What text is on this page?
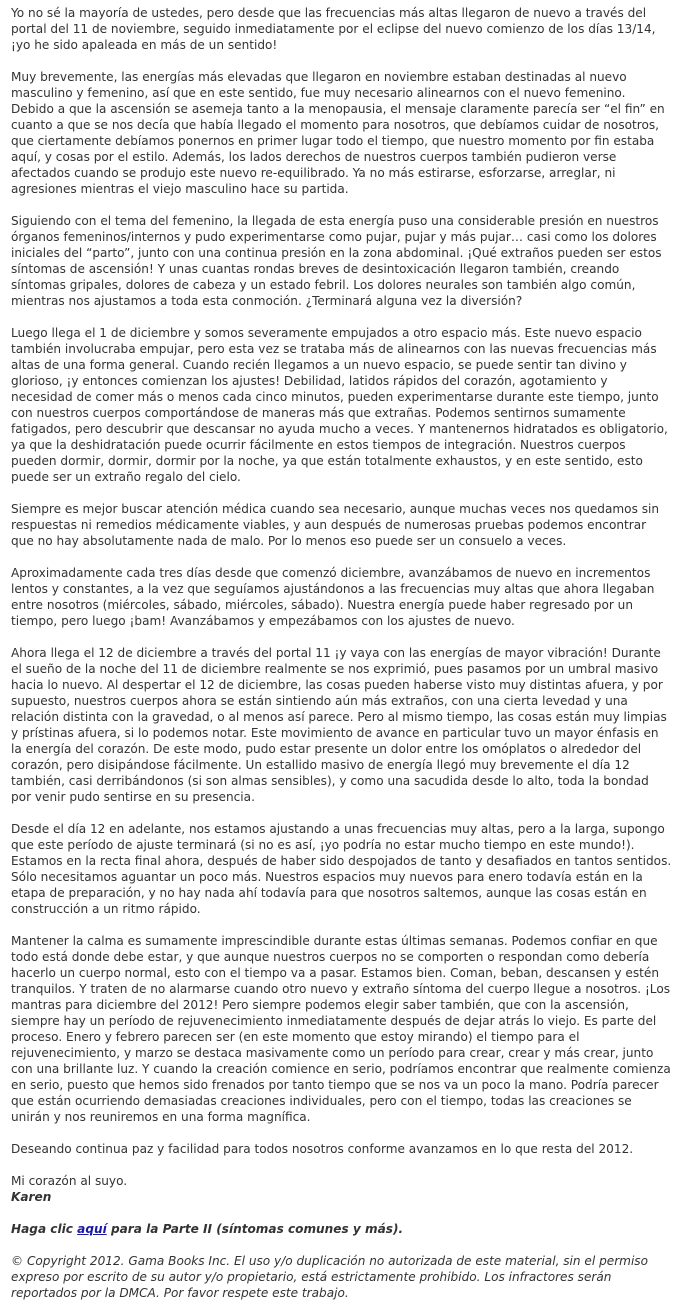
Yo no sé la mayoría de ustedes, pero desde que las frecuencias más altas llegaron de nuevo a través del portal del 11 de noviembre, seguido inmediatamente por el eclipse del nuevo comienzo de los días 13/14, ¡yo he sido apaleada en más de un sentido!

Muy brevemente, las energías más elevadas que llegaron en noviembre estaban destinadas al nuevo masculino y femenino, así que en este sentido, fue muy necesario alinearnos con el nuevo femenino. Debido a que la ascensión se asemeja tanto a la menopausia, el mensaje claramente parecía ser “el fin” en cuanto a que se nos decía que había llegado el momento para nosotros, que debíamos cuidar de nosotros, que ciertamente debíamos ponernos en primer lugar todo el tiempo, que nuestro momento por fin estaba aquí, y cosas por el estilo. Además, los lados derechos de nuestros cuerpos también pudieron verse afectados cuando se produjo este nuevo re-equilibrado. Ya no más estirarse, esforzarse, arreglar, ni agresiones mientras el viejo masculino hace su partida.

Siguiendo con el tema del femenino, la llegada de esta energía puso una considerable presión en nuestros órganos femeninos/internos y pudo experimentarse como pujar, pujar y más pujar… casi como los dolores iniciales del “parto”, junto con una continua presión en la zona abdominal. ¡Qué extraños pueden ser estos síntomas de ascensión! Y unas cuantas rondas breves de desintoxicación llegaron también, creando síntomas gripales, dolores de cabeza y un estado febril. Los dolores neurales son también algo común, mientras nos ajustamos a toda esta conmoción. ¿Terminará alguna vez la diversión?

Luego llega el 1 de diciembre y somos severamente empujados a otro espacio más. Este nuevo espacio también involucraba empujar, pero esta vez se trataba más de alinearnos con las nuevas frecuencias más altas de una forma general. Cuando recién llegamos a un nuevo espacio, se puede sentir tan divino y glorioso, ¡y entonces comienzan los ajustes! Debilidad, latidos rápidos del corazón, agotamiento y necesidad de comer más o menos cada cinco minutos, pueden experimentarse durante este tiempo, junto con nuestros cuerpos comportándose de maneras más que extrañas. Podemos sentirnos sumamente fatigados, pero descubrir que descansar no ayuda mucho a veces. Y mantenernos hidratados es obligatorio, ya que la deshidratación puede ocurrir fácilmente en estos tiempos de integración. Nuestros cuerpos pueden dormir, dormir, dormir por la noche, ya que están totalmente exhaustos, y en este sentido, esto puede ser un extraño regalo del cielo.

Siempre es mejor buscar atención médica cuando sea necesario, aunque muchas veces nos quedamos sin respuestas ni remedios médicamente viables, y aun después de numerosas pruebas podemos encontrar que no hay absolutamente nada de malo. Por lo menos eso puede ser un consuelo a veces.

Aproximadamente cada tres días desde que comenzó diciembre, avanzábamos de nuevo en incrementos lentos y constantes, a la vez que seguíamos ajustándonos a las frecuencias muy altas que ahora llegaban entre nosotros (miércoles, sábado, miércoles, sábado). Nuestra energía puede haber regresado por un tiempo, pero luego ¡bam! Avanzábamos y empezábamos con los ajustes de nuevo.

Ahora llega el 12 de diciembre a través del portal 11 ¡y vaya con las energías de mayor vibración! Durante el sueño de la noche del 11 de diciembre realmente se nos exprimió, pues pasamos por un umbral masivo hacia lo nuevo. Al despertar el 12 de diciembre, las cosas pueden haberse visto muy distintas afuera, y por supuesto, nuestros cuerpos ahora se están sintiendo aún más extraños, con una cierta levedad y una relación distinta con la gravedad, o al menos así parece. Pero al mismo tiempo, las cosas están muy limpias y prístinas afuera, si lo podemos notar. Este movimiento de avance en particular tuvo un mayor énfasis en la energía del corazón. De este modo, pudo estar presente un dolor entre los omóplatos o alrededor del corazón, pero disipándose fácilmente. Un estallido masivo de energía llegó muy brevemente el día 12 también, casi derribándonos (si son almas sensibles), y como una sacudida desde lo alto, toda la bondad por venir pudo sentirse en su presencia.

Desde el día 12 en adelante, nos estamos ajustando a unas frecuencias muy altas, pero a la larga, supongo que este período de ajuste terminará (si no es así, ¡yo podría no estar mucho tiempo en este mundo!). Estamos en la recta final ahora, después de haber sido despojados de tanto y desafiados en tantos sentidos. Sólo necesitamos aguantar un poco más. Nuestros espacios muy nuevos para enero todavía están en la etapa de preparación, y no hay nada ahí todavía para que nosotros saltemos, aunque las cosas están en construcción a un ritmo rápido.

Mantener la calma es sumamente imprescindible durante estas últimas semanas. Podemos confiar en que todo está donde debe estar, y que aunque nuestros cuerpos no se comporten o respondan como debería hacerlo un cuerpo normal, esto con el tiempo va a pasar. Estamos bien. Coman, beban, descansen y estén tranquilos. Y traten de no alarmarse cuando otro nuevo y extraño síntoma del cuerpo llegue a nosotros. ¡Los mantras para diciembre del 2012! Pero siempre podemos elegir saber también, que con la ascensión, siempre hay un período de rejuvenecimiento inmediatamente después de dejar atrás lo viejo. Es parte del proceso. Enero y febrero parecen ser (en este momento que estoy mirando) el tiempo para el rejuvenecimiento, y marzo se destaca masivamente como un período para crear, crear y más crear, junto con una brillante luz. Y cuando la creación comience en serio, podríamos encontrar que realmente comienza en serio, puesto que hemos sido frenados por tanto tiempo que se nos va un poco la mano. Podría parecer que están ocurriendo demasiadas creaciones individuales, pero con el tiempo, todas las creaciones se unirán y nos reuniremos en una forma magnífica.

Deseando continua paz y facilidad para todos nosotros conforme avanzamos en lo que resta del 2012.

Mi corazón al suyo.
Karen

Haga clic aquí para la Parte II (síntomas comunes y más).

© Copyright 2012. Gama Books Inc. El uso y/o duplicación no autorizada de este material, sin el permiso expreso por escrito de su autor y/o propietario, está estrictamente prohibido. Los infractores serán reportados por la DMCA. Por favor respete este trabajo.
